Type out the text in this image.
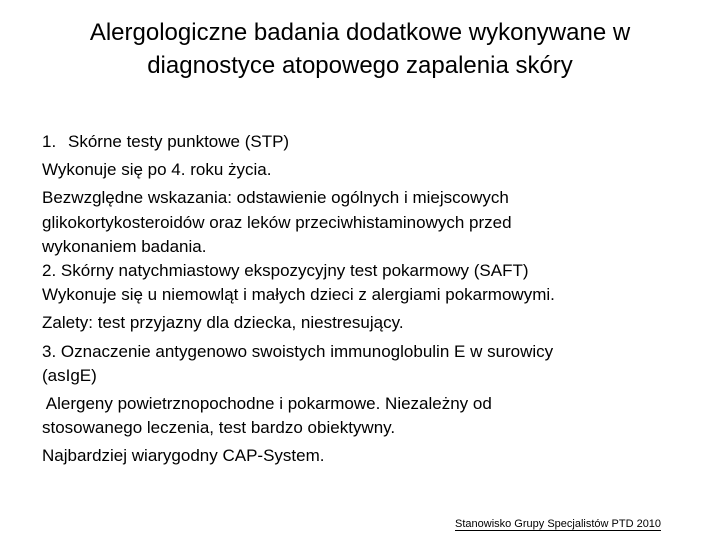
Alergologiczne badania dodatkowe wykonywane w
diagnostyce atopowego zapalenia skóry
1. Skórne testy punktowe (STP)
Wykonuje się po 4. roku życia.
Bezwzględne wskazania: odstawienie ogólnych i miejscowych
glikokortykosteroidów oraz leków przeciwhistaminowych przed
wykonaniem badania.
2. Skórny natychmiastowy ekspozycyjny test pokarmowy (SAFT)
Wykonuje się u niemowląt i małych dzieci z alergiami pokarmowymi.
Zalety: test przyjazny dla dziecka, niestresujący.
3. Oznaczenie antygenowo swoistych immunoglobulin E w surowicy
(asIgE)
Alergeny powietrznopochodne i pokarmowe. Niezależny od
stosowanego leczenia, test bardzo obiektywny.
Najbardziej wiarygodny CAP-System.
Stanowisko Grupy Specjalistów PTD 2010
